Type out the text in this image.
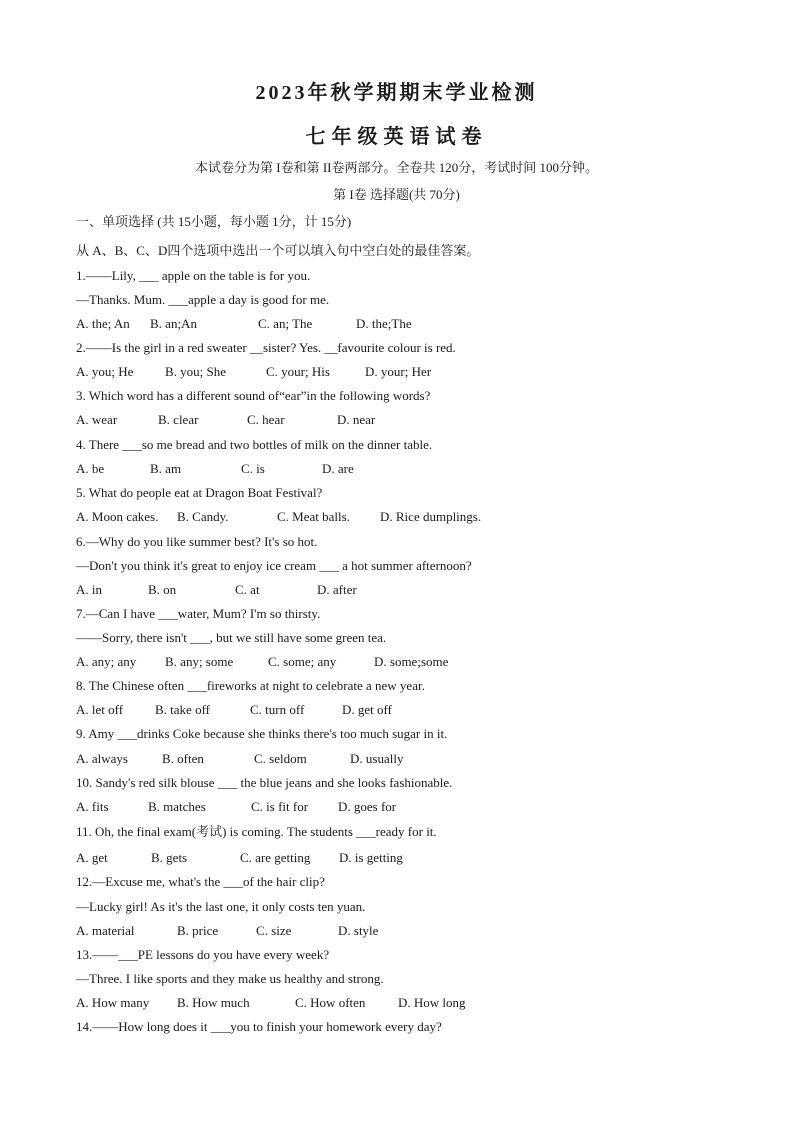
2023年秋学期期末学业检测
七年级英语试卷
本试卷分为第 I卷和第 II卷两部分。全卷共 120分，考试时间 100分钟。
第 I卷 选择题(共 70分)
一、单项选择 (共 15小题，每小题 1分，计 15分)
从 A、B、C、D四个选项中选出一个可以填入句中空白处的最佳答案。
1.——Lily, ___ apple on the table is for you.
—Thanks. Mum. ___apple a day is good for me.
A. the; An B. an;An	C. an; The	D. the;The
2.——Is the girl in a red sweater __sister? Yes. __favourite colour is red.
A. you; He B. you; She	C. your; His	D. your; Her
3. Which word has a different sound of“ear”in the following words?
A. wear	B. clear	C. hear	D. near
4. There ___so me bread and two bottles of milk on the dinner table.
A. be	B. am	C. is	D. are
5. What do people eat at Dragon Boat Festival?
A. Moon cakes. B. Candy.	C. Meat balls. D. Rice dumplings.
6.—Why do you like summer best? It's so hot.
—Don't you think it's great to enjoy ice cream ___ a hot summer afternoon?
A. in	B. on	C. at	D. after
7.—Can I have ___water, Mum? I'm so thirsty.
——Sorry, there isn't ___, but we still have some green tea.
A. any; any B. any; some	C. some; any	D. some;some
8. The Chinese often ___fireworks at night to celebrate a new year.
A. let off B. take off	C. turn off	D. get off
9. Amy ___drinks Coke because she thinks there's too much sugar in it.
A. always	B. often	C. seldom	D. usually
10. Sandy's red silk blouse ___ the blue jeans and she looks fashionable.
A. fits	B. matches	C. is fit for D. goes for
11. Oh, the final exam(考试) is coming. The students ___ready for it.
A. get	B. gets	C. are getting D. is getting
12.—Excuse me, what's the ___of the hair clip?
—Lucky girl! As it's the last one, it only costs ten yuan.
A. material	B. price	C. size	D. style
13.——___PE lessons do you have every week?
—Three. I like sports and they make us healthy and strong.
A. How many B. How much	C. How often	D. How long
14.——How long does it ___you to finish your homework every day?
